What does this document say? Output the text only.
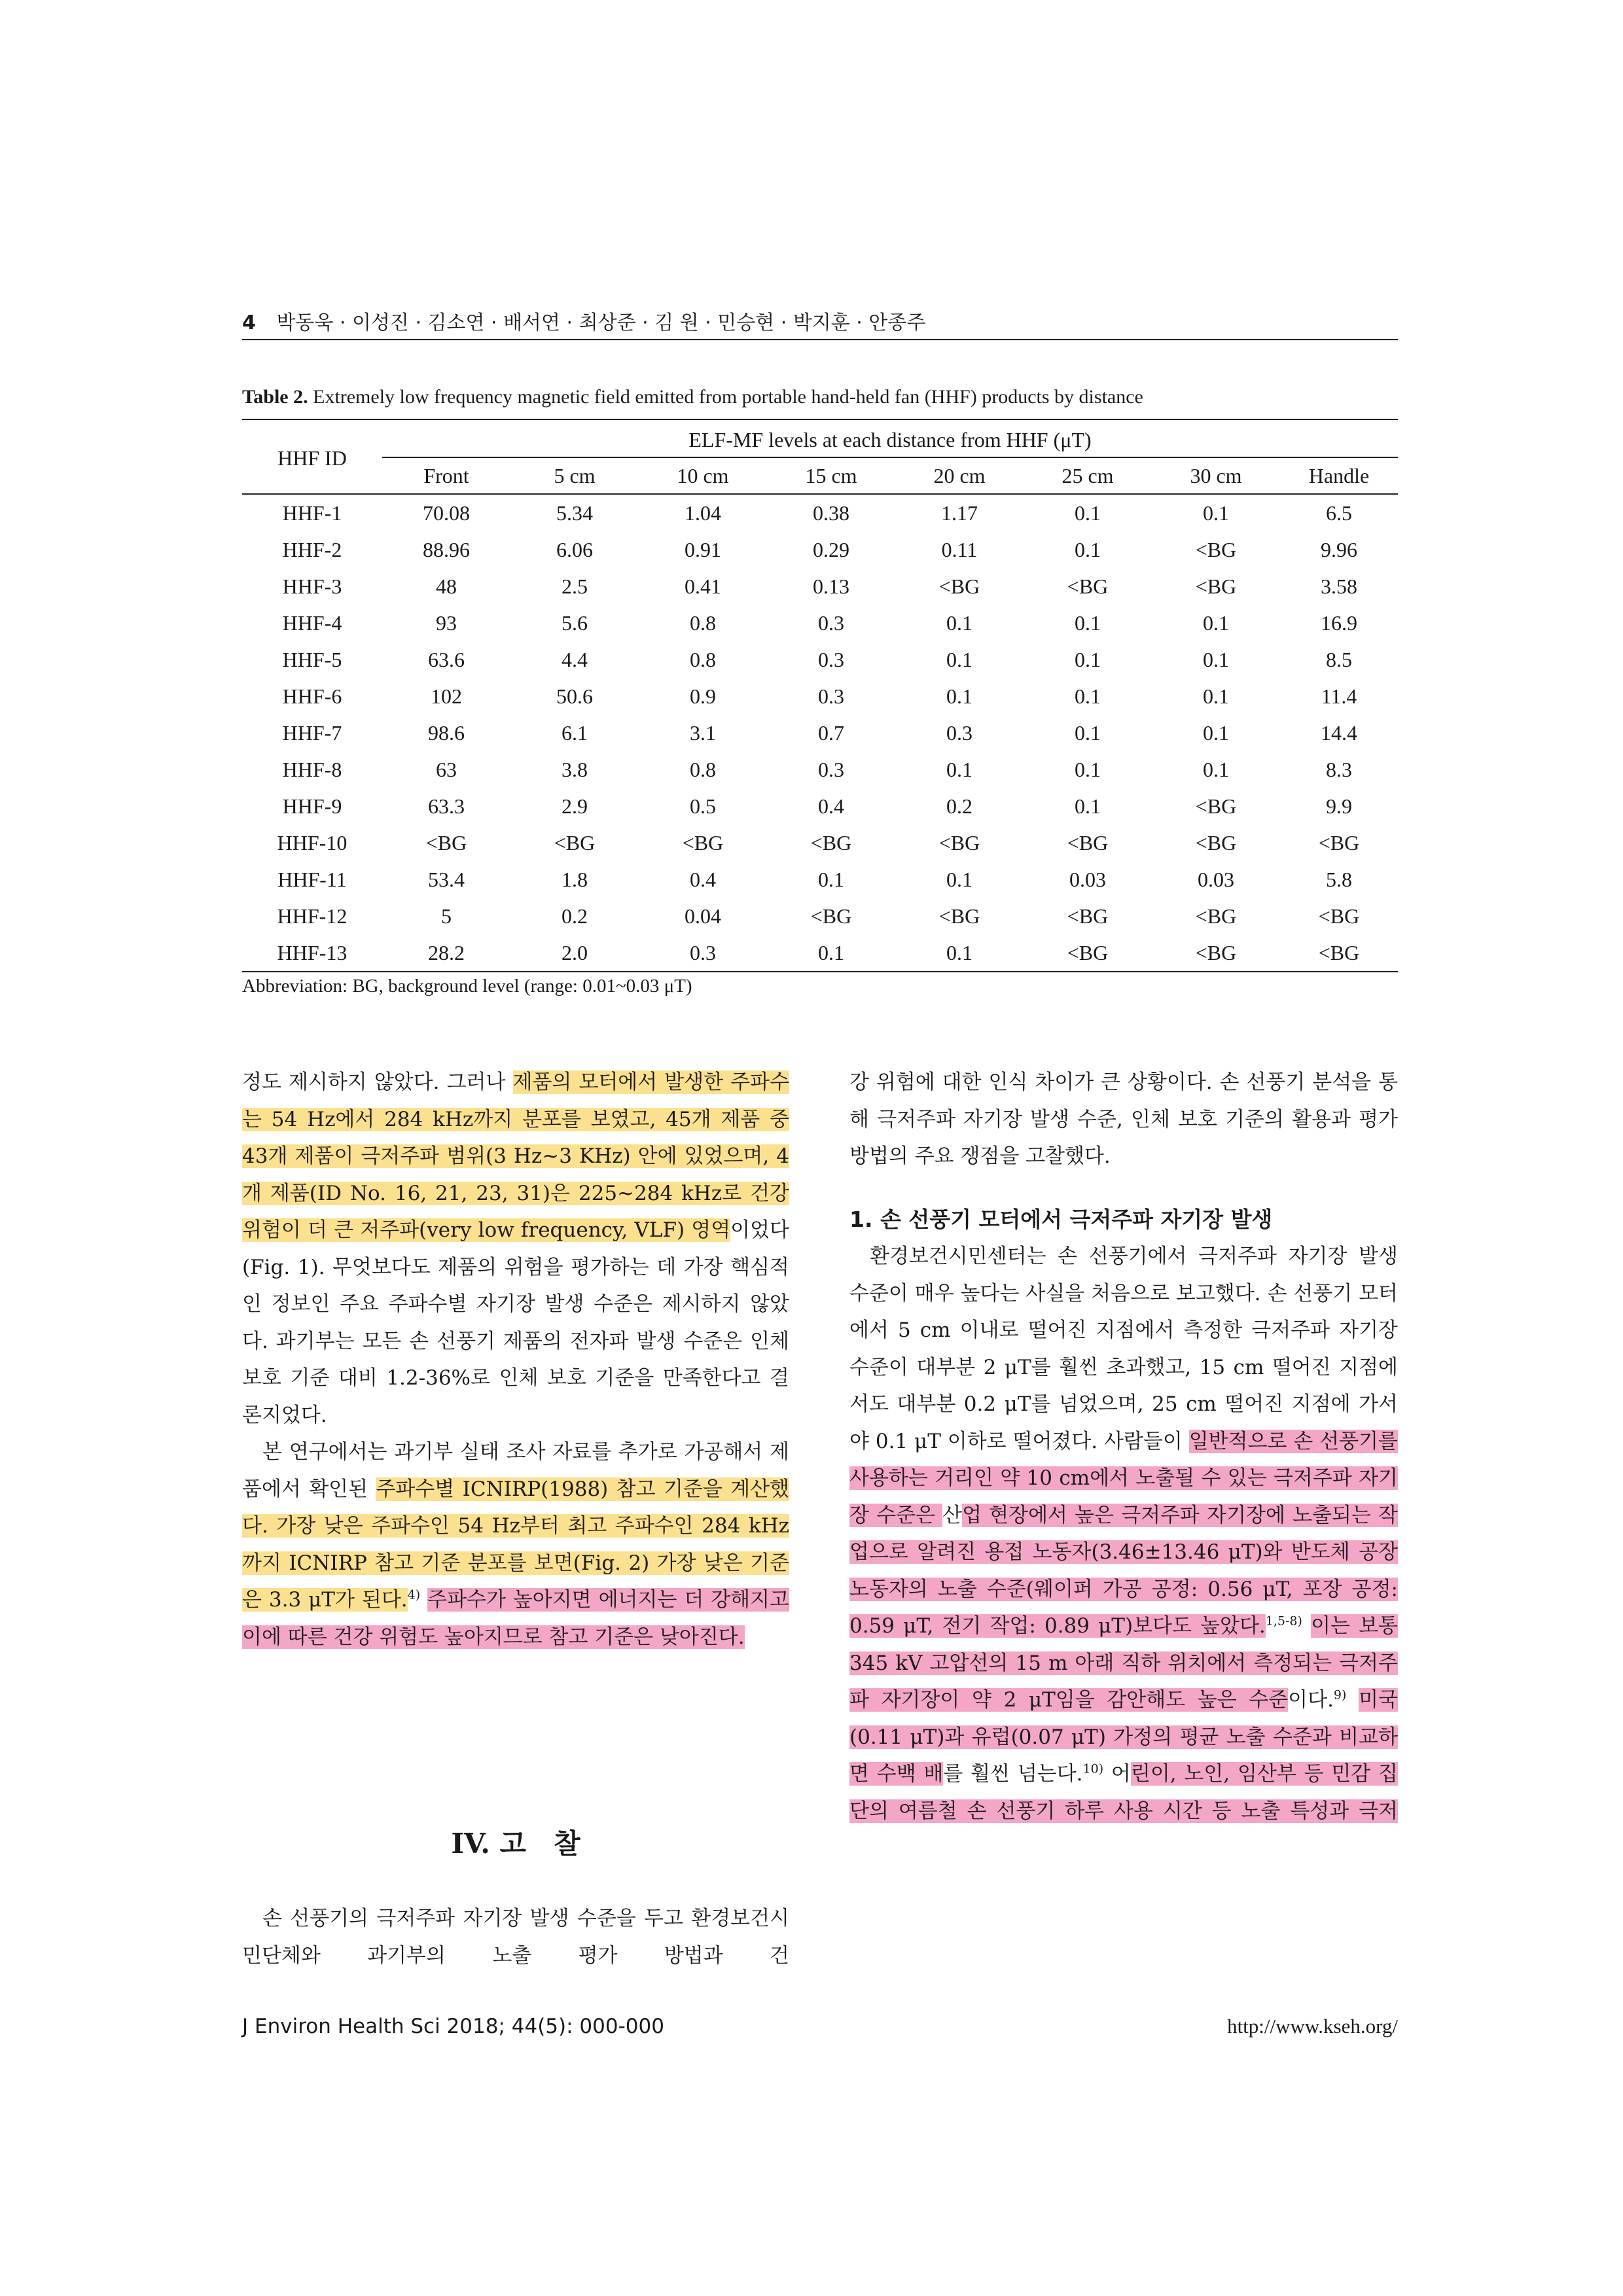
4 박동욱 · 이성진 · 김소연 · 배서연 · 최상준 · 김 원 · 민승현 · 박지훈 · 안종주
Table 2. Extremely low frequency magnetic field emitted from portable hand-held fan (HHF) products by distance
HHF ID	ELF-MF levels at each distance from HHF (μT)							
	Front	5 cm	10 cm	15 cm	20 cm	25 cm	30 cm	Handle
HHF-1	70.08	5.34	1.04	0.38	1.17	0.1	0.1	6.5
HHF-2	88.96	6.06	0.91	0.29	0.11	0.1	<BG	9.96
HHF-3	48	2.5	0.41	0.13	<BG	<BG	<BG	3.58
HHF-4	93	5.6	0.8	0.3	0.1	0.1	0.1	16.9
HHF-5	63.6	4.4	0.8	0.3	0.1	0.1	0.1	8.5
HHF-6	102	50.6	0.9	0.3	0.1	0.1	0.1	11.4
HHF-7	98.6	6.1	3.1	0.7	0.3	0.1	0.1	14.4
HHF-8	63	3.8	0.8	0.3	0.1	0.1	0.1	8.3
HHF-9	63.3	2.9	0.5	0.4	0.2	0.1	<BG	9.9
HHF-10	<BG	<BG	<BG	<BG	<BG	<BG	<BG	<BG
HHF-11	53.4	1.8	0.4	0.1	0.1	0.03	0.03	5.8
HHF-12	5	0.2	0.04	<BG	<BG	<BG	<BG	<BG
HHF-13	28.2	2.0	0.3	0.1	0.1	<BG	<BG	<BG
Abbreviation: BG, background level (range: 0.01~0.03 μT)

정도 제시하지 않았다. 그러나 제품의 모터에서 발생한 주파수는 54 Hz에서 284 kHz까지 분포를 보였고, 45개 제품 중 43개 제품이 극저주파 범위(3 Hz~3 KHz) 안에 있었으며, 4개 제품(ID No. 16, 21, 23, 31)은 225~284 kHz로 건강 위험이 더 큰 저주파(very low frequency, VLF) 영역이었다(Fig. 1). 무엇보다도 제품의 위험을 평가하는 데 가장 핵심적인 정보인 주요 주파수별 자기장 발생 수준은 제시하지 않았다. 과기부는 모든 손 선풍기 제품의 전자파 발생 수준은 인체 보호 기준 대비 1.2-36%로 인체 보호 기준을 만족한다고 결론지었다.

본 연구에서는 과기부 실태 조사 자료를 추가로 가공해서 제품에서 확인된 주파수별 ICNIRP(1988) 참고 기준을 계산했다. 가장 낮은 주파수인 54 Hz부터 최고 주파수인 284 kHz까지 ICNIRP 참고 기준 분포를 보면(Fig. 2) 가장 낮은 기준은 3.3 μT가 된다.$^{4)}$ 주파수가 높아지면 에너지는 더 강해지고 이에 따른 건강 위험도 높아지므로 참고 기준은 낮아진다.

IV. 고　찰

손 선풍기의 극저주파 자기장 발생 수준을 두고 환경보건시민단체와 과기부의 노출 평가 방법과 건

강 위험에 대한 인식 차이가 큰 상황이다. 손 선풍기 분석을 통해 극저주파 자기장 발생 수준, 인체 보호 기준의 활용과 평가 방법의 주요 쟁점을 고찰했다.

1. 손 선풍기 모터에서 극저주파 자기장 발생

환경보건시민센터는 손 선풍기에서 극저주파 자기장 발생 수준이 매우 높다는 사실을 처음으로 보고했다. 손 선풍기 모터에서 5 cm 이내로 떨어진 지점에서 측정한 극저주파 자기장 수준이 대부분 2 μT를 훨씬 초과했고, 15 cm 떨어진 지점에서도 대부분 0.2 μT를 넘었으며, 25 cm 떨어진 지점에 가서야 0.1 μT 이하로 떨어졌다. 사람들이 일반적으로 손 선풍기를 사용하는 거리인 약 10 cm에서 노출될 수 있는 극저주파 자기장 수준은 산업 현장에서 높은 극저주파 자기장에 노출되는 작업으로 알려진 용접 노동자(3.46±13.46 μT)와 반도체 공장 노동자의 노출 수준(웨이퍼 가공 공정: 0.56 μT, 포장 공정: 0.59 μT, 전기 작업: 0.89 μT)보다도 높았다.$^{1,5-8)}$ 이는 보통 345 kV 고압선의 15 m 아래 직하 위치에서 측정되는 극저주파 자기장이 약 2 μT임을 감안해도 높은 수준이다.$^{9)}$ 미국(0.11 μT)과 유럽(0.07 μT) 가정의 평균 노출 수준과 비교하면 수백 배를 훨씬 넘는다.$^{10)}$ 어린이, 노인, 임산부 등 민감 집단의 여름철 손 선풍기 하루 사용 시간 등 노출 특성과 극저

J Environ Health Sci 2018; 44(5): 000-000	http://www.kseh.org/
